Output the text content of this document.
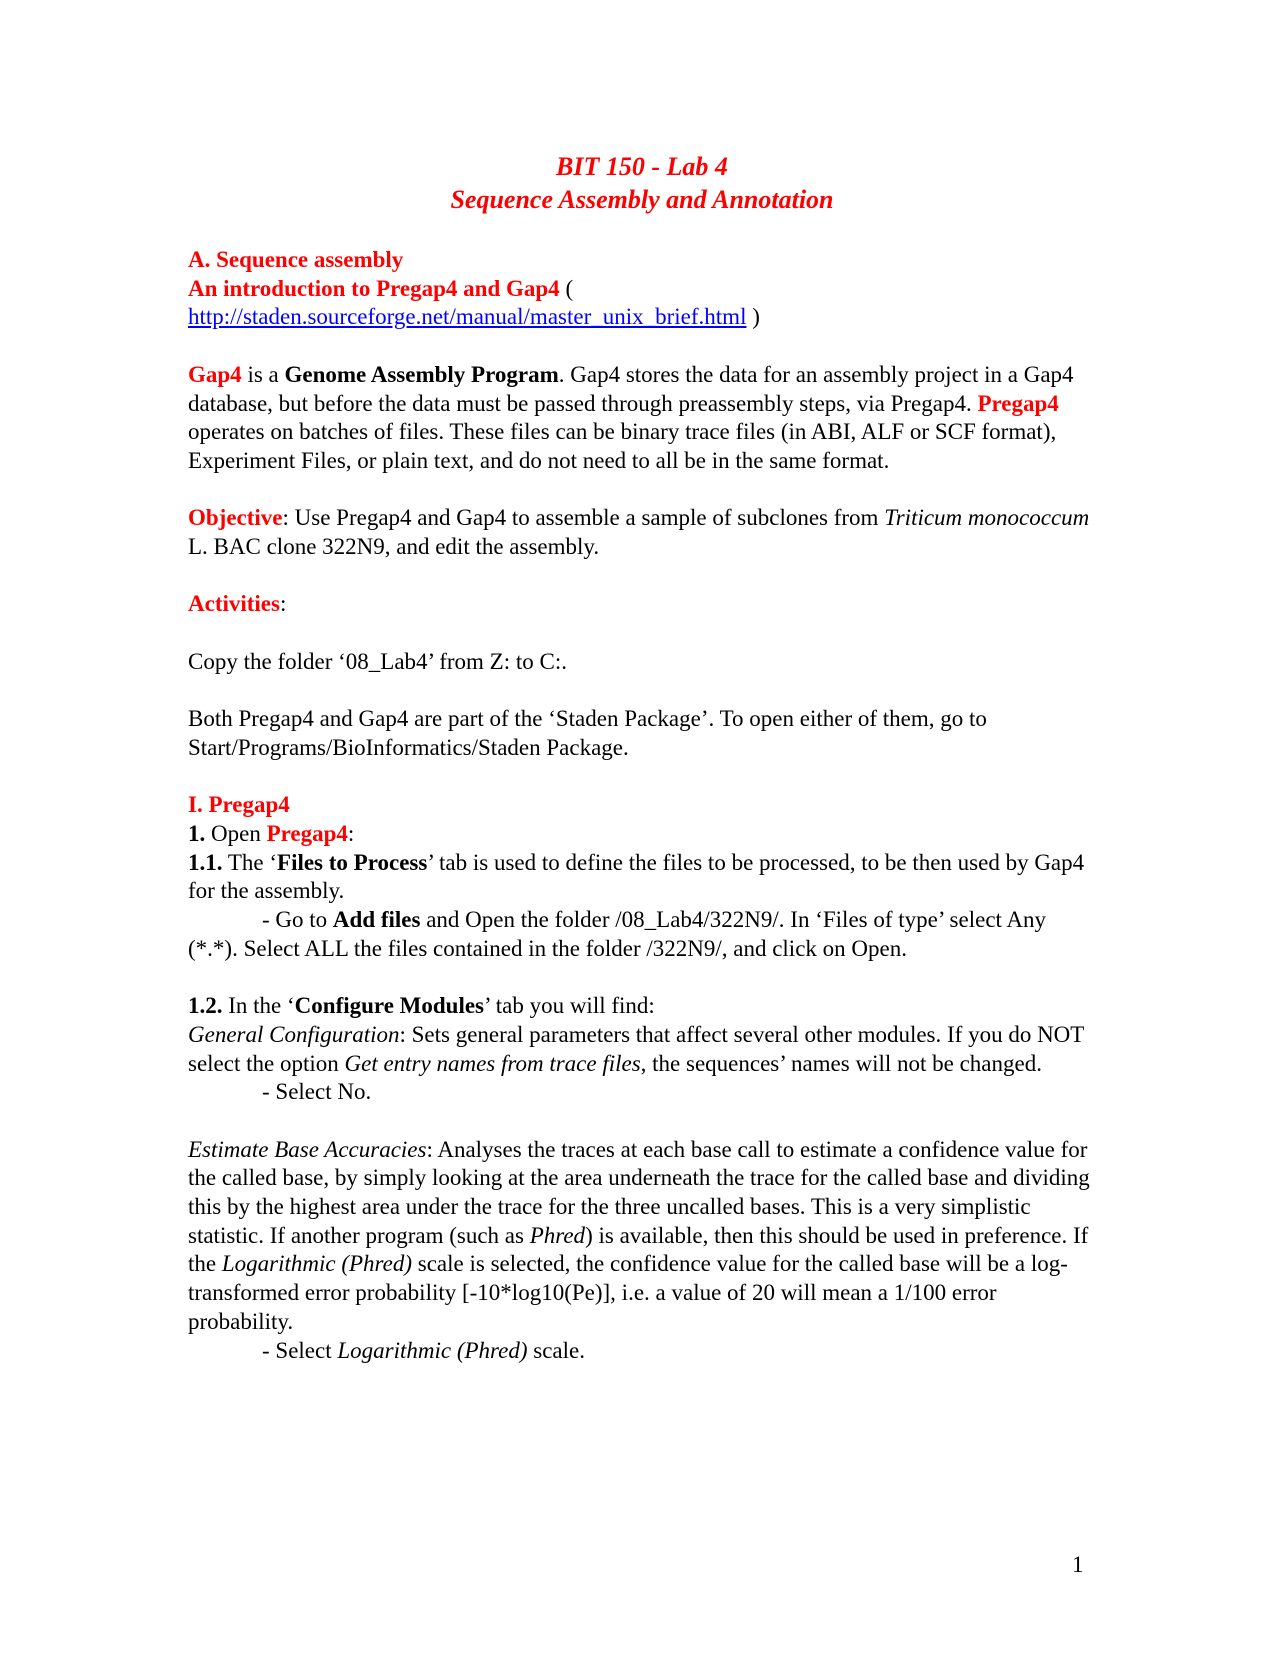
BIT 150 - Lab 4
Sequence Assembly and Annotation

A. Sequence assembly

An introduction to Pregap4 and Gap4 (

http://staden.sourceforge.net/manual/master_unix_brief.html )

Gap4 is a Genome Assembly Program. Gap4 stores the data for an assembly project in a Gap4 database, but before the data must be passed through preassembly steps, via Pregap4. Pregap4 operates on batches of files. These files can be binary trace files (in ABI, ALF or SCF format), Experiment Files, or plain text, and do not need to all be in the same format.

Objective: Use Pregap4 and Gap4 to assemble a sample of subclones from Triticum monococcum L. BAC clone 322N9, and edit the assembly.

Activities:

Copy the folder ‘08_Lab4’ from Z: to C:.

Both Pregap4 and Gap4 are part of the ‘Staden Package’. To open either of them, go to Start/Programs/BioInformatics/Staden Package.

I. Pregap4

1. Open Pregap4:

1.1. The ‘Files to Process’ tab is used to define the files to be processed, to be then used by Gap4 for the assembly.

- Go to Add files and Open the folder /08_Lab4/322N9/. In ‘Files of type’ select Any (*.*). Select ALL the files contained in the folder /322N9/, and click on Open.

1.2. In the ‘Configure Modules’ tab you will find:

General Configuration: Sets general parameters that affect several other modules. If you do NOT select the option Get entry names from trace files, the sequences’ names will not be changed.

- Select No.

Estimate Base Accuracies: Analyses the traces at each base call to estimate a confidence value for the called base, by simply looking at the area underneath the trace for the called base and dividing this by the highest area under the trace for the three uncalled bases. This is a very simplistic statistic. If another program (such as Phred) is available, then this should be used in preference. If the Logarithmic (Phred) scale is selected, the confidence value for the called base will be a log-transformed error probability [-10*log10(Pe)], i.e. a value of 20 will mean a 1/100 error probability.

- Select Logarithmic (Phred) scale.

1
